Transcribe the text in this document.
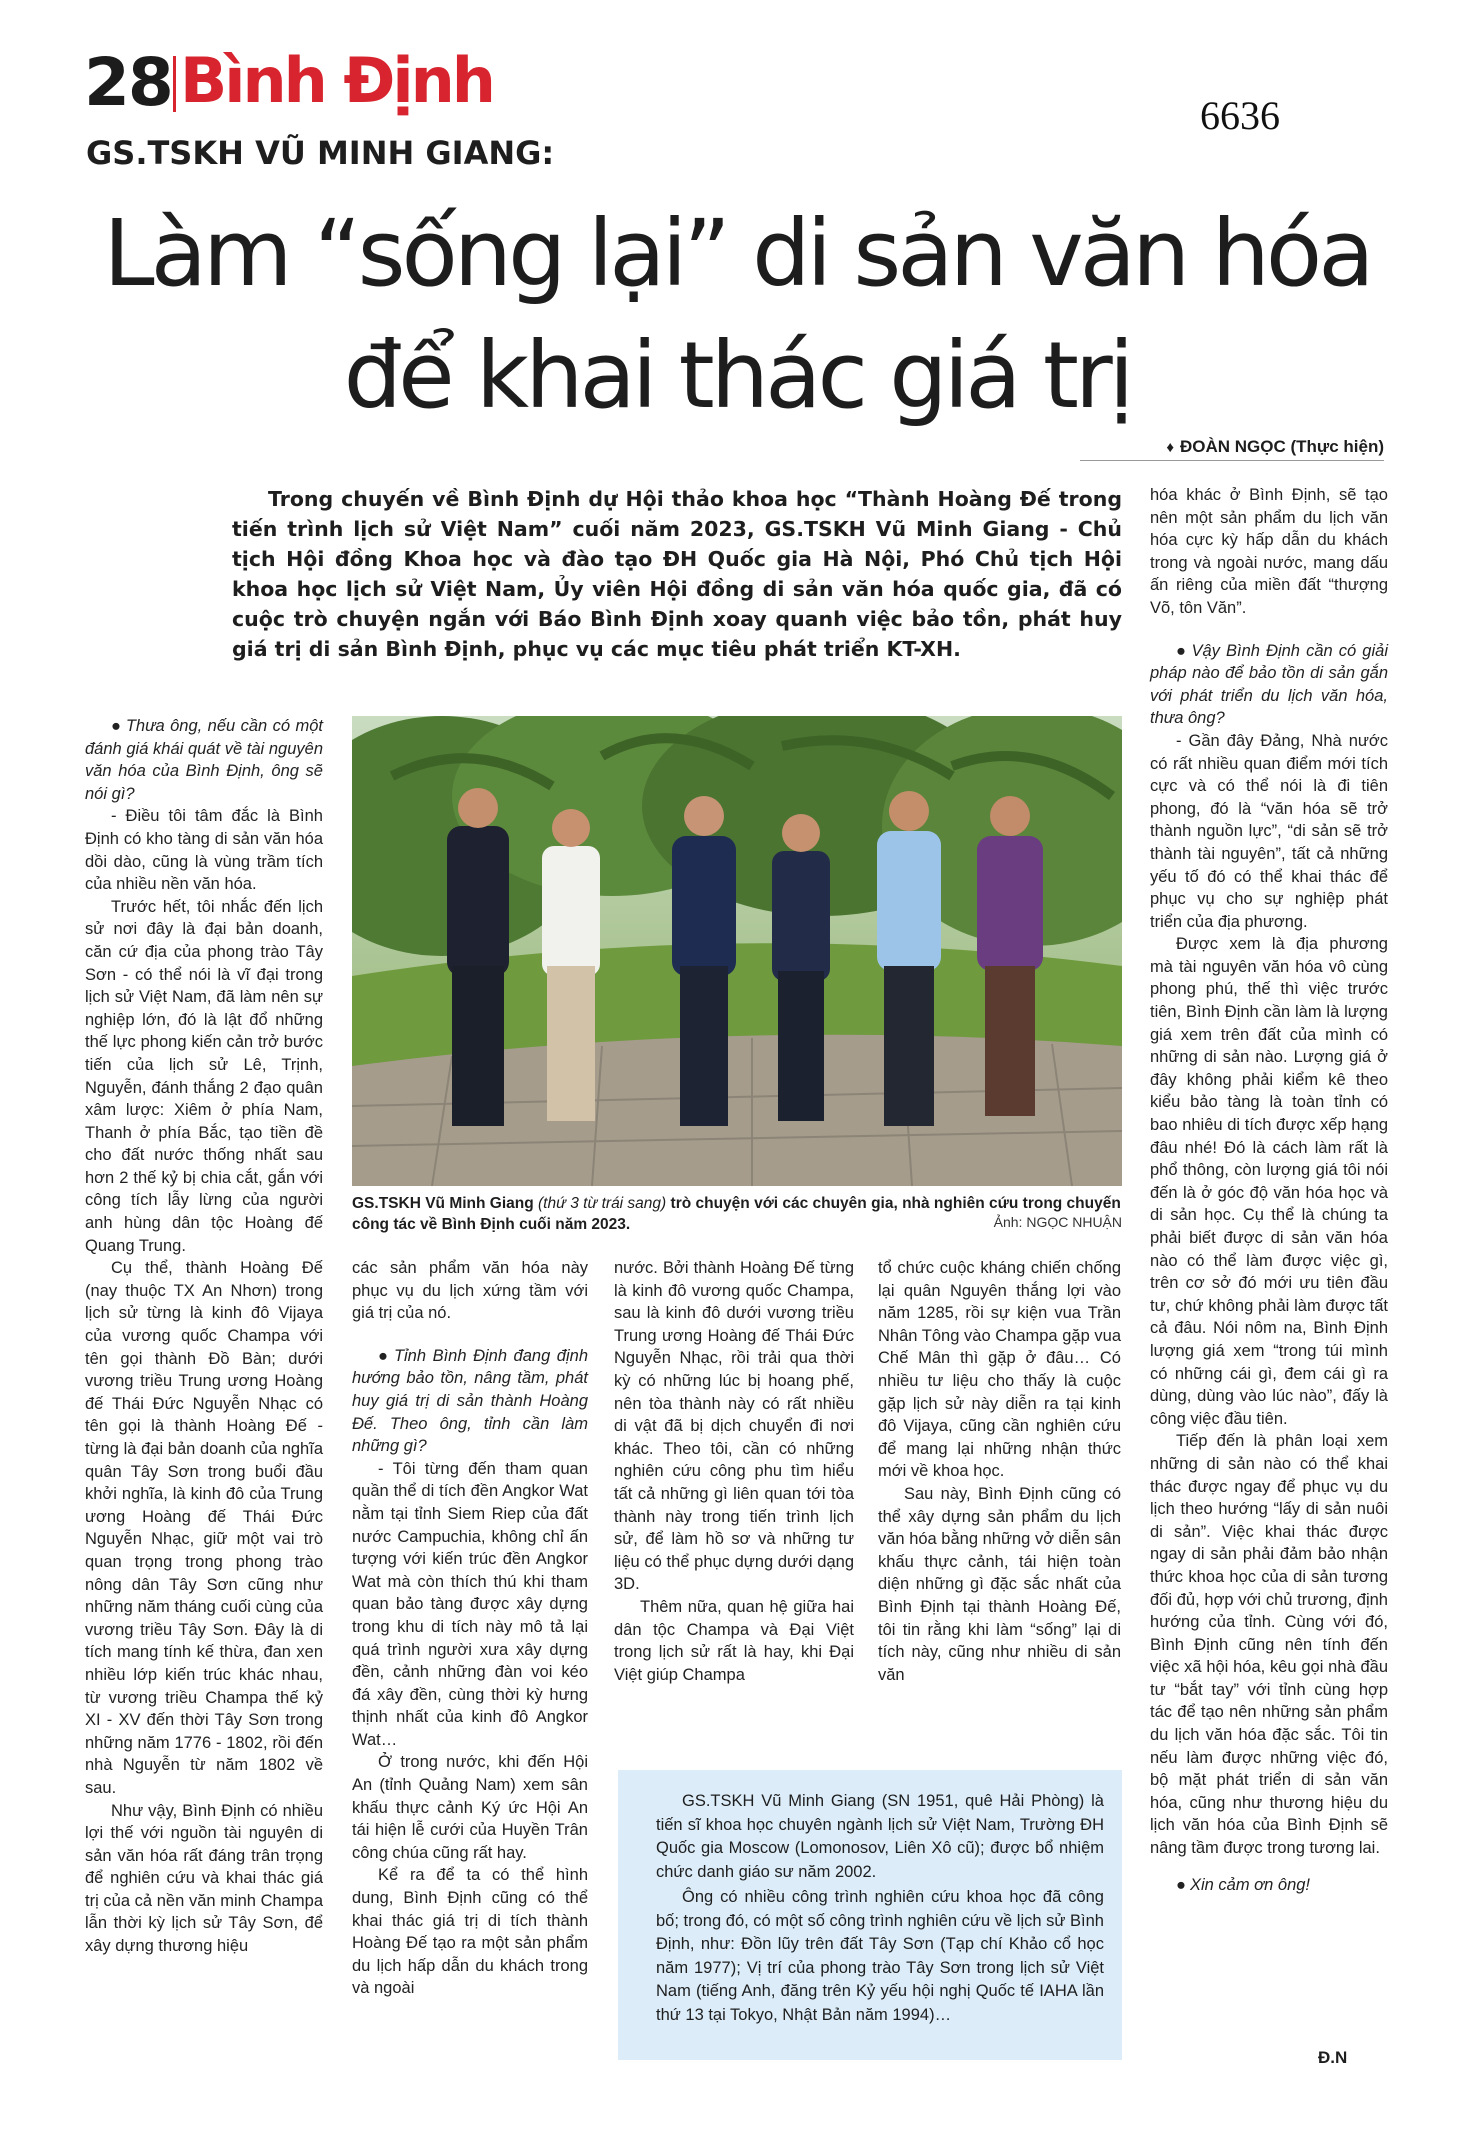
28 Bình Định	6636
GS.TSKH VŨ MINH GIANG:
Làm “sống lại” di sản văn hóa
để khai thác giá trị
♦ ĐOÀN NGỌC (Thực hiện)
Trong chuyến về Bình Định dự Hội thảo khoa học “Thành Hoàng Đế trong tiến trình lịch sử Việt Nam” cuối năm 2023, GS.TSKH Vũ Minh Giang - Chủ tịch Hội đồng Khoa học và đào tạo ĐH Quốc gia Hà Nội, Phó Chủ tịch Hội khoa học lịch sử Việt Nam, Ủy viên Hội đồng di sản văn hóa quốc gia, đã có cuộc trò chuyện ngắn với Báo Bình Định xoay quanh việc bảo tồn, phát huy giá trị di sản Bình Định, phục vụ các mục tiêu phát triển KT-XH.

● Thưa ông, nếu cần có một đánh giá khái quát về tài nguyên văn hóa của Bình Định, ông sẽ nói gì?

- Điều tôi tâm đắc là Bình Định có kho tàng di sản văn hóa dồi dào, cũng là vùng trầm tích của nhiều nền văn hóa.

Trước hết, tôi nhắc đến lịch sử nơi đây là đại bản doanh, căn cứ địa của phong trào Tây Sơn - có thể nói là vĩ đại trong lịch sử Việt Nam, đã làm nên sự nghiệp lớn, đó là lật đổ những thế lực phong kiến cản trở bước tiến của lịch sử Lê, Trịnh, Nguyễn, đánh thắng 2 đạo quân xâm lược: Xiêm ở phía Nam, Thanh ở phía Bắc, tạo tiền đề cho đất nước thống nhất sau hơn 2 thế kỷ bị chia cắt, gắn với công tích lẫy lừng của người anh hùng dân tộc Hoàng đế Quang Trung.

Cụ thể, thành Hoàng Đế (nay thuộc TX An Nhơn) trong lịch sử từng là kinh đô Vijaya của vương quốc Champa với tên gọi thành Đồ Bàn; dưới vương triều Trung ương Hoàng đế Thái Đức Nguyễn Nhạc có tên gọi là thành Hoàng Đế - từng là đại bản doanh của nghĩa quân Tây Sơn trong buổi đầu khởi nghĩa, là kinh đô của Trung ương Hoàng đế Thái Đức Nguyễn Nhạc, giữ một vai trò quan trọng trong phong trào nông dân Tây Sơn cũng như những năm tháng cuối cùng của vương triều Tây Sơn. Đây là di tích mang tính kế thừa, đan xen nhiều lớp kiến trúc khác nhau, từ vương triều Champa thế kỷ XI - XV đến thời Tây Sơn trong những năm 1776 - 1802, rồi đến nhà Nguyễn từ năm 1802 về sau.

Như vậy, Bình Định có nhiều lợi thế với nguồn tài nguyên di sản văn hóa rất đáng trân trọng để nghiên cứu và khai thác giá trị của cả nền văn minh Champa lẫn thời kỳ lịch sử Tây Sơn, để xây dựng thương hiệu

GS.TSKH Vũ Minh Giang (thứ 3 từ trái sang) trò chuyện với các chuyên gia, nhà nghiên cứu trong chuyến công tác về Bình Định cuối năm 2023.	Ảnh: NGỌC NHUẬN

các sản phẩm văn hóa này phục vụ du lịch xứng tầm với giá trị của nó.

● Tỉnh Bình Định đang định hướng bảo tồn, nâng tầm, phát huy giá trị di sản thành Hoàng Đế. Theo ông, tỉnh cần làm những gì?

- Tôi từng đến tham quan quần thể di tích đền Angkor Wat nằm tại tỉnh Siem Riep của đất nước Campuchia, không chỉ ấn tượng với kiến trúc đền Angkor Wat mà còn thích thú khi tham quan bảo tàng được xây dựng trong khu di tích này mô tả lại quá trình người xưa xây dựng đền, cảnh những đàn voi kéo đá xây đền, cùng thời kỳ hưng thịnh nhất của kinh đô Angkor Wat…

Ở trong nước, khi đến Hội An (tỉnh Quảng Nam) xem sân khấu thực cảnh Ký ức Hội An tái hiện lễ cưới của Huyền Trân công chúa cũng rất hay.

Kể ra để ta có thể hình dung, Bình Định cũng có thể khai thác giá trị di tích thành Hoàng Đế tạo ra một sản phẩm du lịch hấp dẫn du khách trong và ngoài

nước. Bởi thành Hoàng Đế từng là kinh đô vương quốc Champa, sau là kinh đô dưới vương triều Trung ương Hoàng đế Thái Đức Nguyễn Nhạc, rồi trải qua thời kỳ có những lúc bị hoang phế, nên tòa thành này có rất nhiều di vật đã bị dịch chuyển đi nơi khác. Theo tôi, cần có những nghiên cứu công phu tìm hiểu tất cả những gì liên quan tới tòa thành này trong tiến trình lịch sử, để làm hồ sơ và những tư liệu có thể phục dựng dưới dạng 3D.

Thêm nữa, quan hệ giữa hai dân tộc Champa và Đại Việt trong lịch sử rất là hay, khi Đại Việt giúp Champa

tổ chức cuộc kháng chiến chống lại quân Nguyên thắng lợi vào năm 1285, rồi sự kiện vua Trần Nhân Tông vào Champa gặp vua Chế Mân thì gặp ở đâu… Có nhiều tư liệu cho thấy là cuộc gặp lịch sử này diễn ra tại kinh đô Vijaya, cũng cần nghiên cứu để mang lại những nhận thức mới về khoa học.

Sau này, Bình Định cũng có thể xây dựng sản phẩm du lịch văn hóa bằng những vở diễn sân khấu thực cảnh, tái hiện toàn diện những gì đặc sắc nhất của Bình Định tại thành Hoàng Đế, tôi tin rằng khi làm “sống” lại di tích này, cũng như nhiều di sản văn

GS.TSKH Vũ Minh Giang (SN 1951, quê Hải Phòng) là tiến sĩ khoa học chuyên ngành lịch sử Việt Nam, Trường ĐH Quốc gia Moscow (Lomonosov, Liên Xô cũ); được bổ nhiệm chức danh giáo sư năm 2002.

Ông có nhiều công trình nghiên cứu khoa học đã công bố; trong đó, có một số công trình nghiên cứu về lịch sử Bình Định, như: Đồn lũy trên đất Tây Sơn (Tạp chí Khảo cổ học năm 1977); Vị trí của phong trào Tây Sơn trong lịch sử Việt Nam (tiếng Anh, đăng trên Kỷ yếu hội nghị Quốc tế IAHA lần thứ 13 tại Tokyo, Nhật Bản năm 1994)…

hóa khác ở Bình Định, sẽ tạo nên một sản phẩm du lịch văn hóa cực kỳ hấp dẫn du khách trong và ngoài nước, mang dấu ấn riêng của miền đất “thượng Võ, tôn Văn”.

● Vậy Bình Định cần có giải pháp nào để bảo tồn di sản gắn với phát triển du lịch văn hóa, thưa ông?

- Gần đây Đảng, Nhà nước có rất nhiều quan điểm mới tích cực và có thể nói là đi tiên phong, đó là “văn hóa sẽ trở thành nguồn lực”, “di sản sẽ trở thành tài nguyên”, tất cả những yếu tố đó có thể khai thác để phục vụ cho sự nghiệp phát triển của địa phương.

Được xem là địa phương mà tài nguyên văn hóa vô cùng phong phú, thế thì việc trước tiên, Bình Định cần làm là lượng giá xem trên đất của mình có những di sản nào. Lượng giá ở đây không phải kiểm kê theo kiểu bảo tàng là toàn tỉnh có bao nhiêu di tích được xếp hạng đâu nhé! Đó là cách làm rất là phổ thông, còn lượng giá tôi nói đến là ở góc độ văn hóa học và di sản học. Cụ thể là chúng ta phải biết được di sản văn hóa nào có thể làm được việc gì, trên cơ sở đó mới ưu tiên đầu tư, chứ không phải làm được tất cả đâu. Nói nôm na, Bình Định lượng giá xem “trong túi mình có những cái gì, đem cái gì ra dùng, dùng vào lúc nào”, đấy là công việc đầu tiên.

Tiếp đến là phân loại xem những di sản nào có thể khai thác được ngay để phục vụ du lịch theo hướng “lấy di sản nuôi di sản”. Việc khai thác được ngay di sản phải đảm bảo nhận thức khoa học của di sản tương đối đủ, hợp với chủ trương, định hướng của tỉnh. Cùng với đó, Bình Định cũng nên tính đến việc xã hội hóa, kêu gọi nhà đầu tư “bắt tay” với tỉnh cùng hợp tác để tạo nên những sản phẩm du lịch văn hóa đặc sắc. Tôi tin nếu làm được những việc đó, bộ mặt phát triển di sản văn hóa, cũng như thương hiệu du lịch văn hóa của Bình Định sẽ nâng tầm được trong tương lai.

● Xin cảm ơn ông!

Đ.N
